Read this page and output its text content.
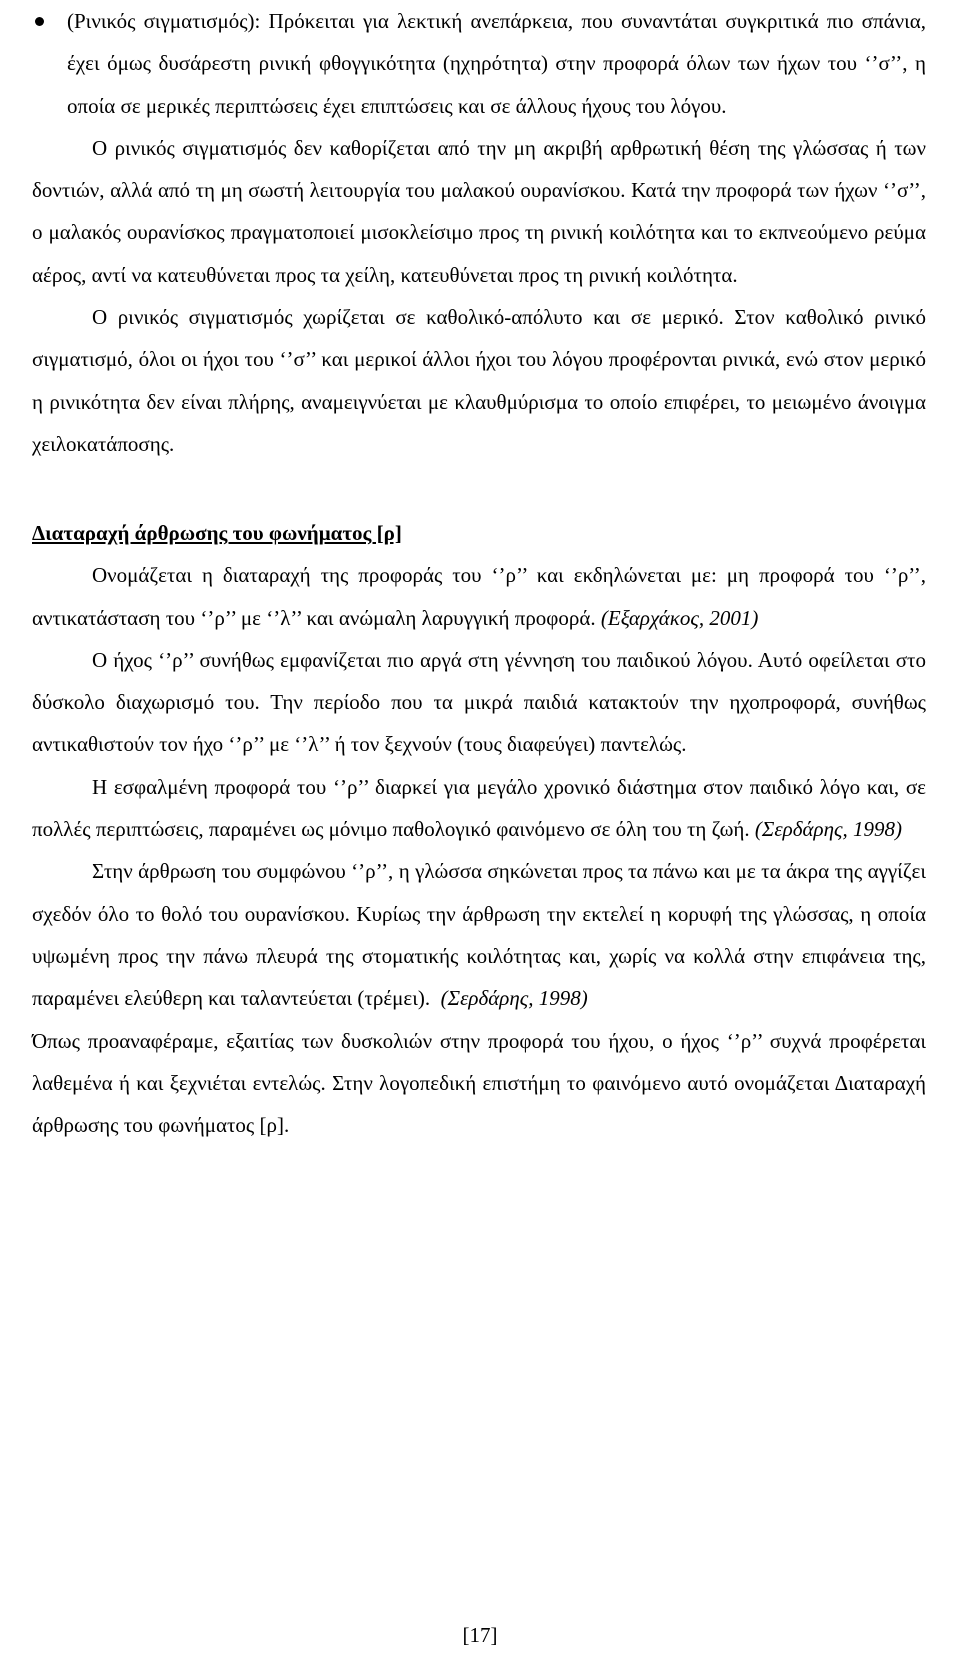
(Ρινικός σιγματισμός): Πρόκειται για λεκτική ανεπάρκεια, που συναντάται συγκριτικά πιο σπάνια, έχει όμως δυσάρεστη ρινική φθογγικότητα (ηχηρότητα) στην προφορά όλων των ήχων του ‘’σ’’, η οποία σε μερικές περιπτώσεις έχει επιπτώσεις και σε άλλους ήχους του λόγου.

Ο ρινικός σιγματισμός δεν καθορίζεται από την μη ακριβή αρθρωτική θέση της γλώσσας ή των δοντιών, αλλά από τη μη σωστή λειτουργία του μαλακού ουρανίσκου. Κατά την προφορά των ήχων ‘’σ’’, ο μαλακός ουρανίσκος πραγματοποιεί μισοκλείσιμο προς τη ρινική κοιλότητα και το εκπνεούμενο ρεύμα αέρος, αντί να κατευθύνεται προς τα χείλη, κατευθύνεται προς τη ρινική κοιλότητα.

Ο ρινικός σιγματισμός χωρίζεται σε καθολικό-απόλυτο και σε μερικό. Στον καθολικό ρινικό σιγματισμό, όλοι οι ήχοι του ‘’σ’’ και μερικοί άλλοι ήχοι του λόγου προφέρονται ρινικά, ενώ στον μερικό η ρινικότητα δεν είναι πλήρης, αναμειγνύεται με κλαυθμύρισμα το οποίο επιφέρει, το μειωμένο άνοιγμα χειλοκατάποσης.

Διαταραχή άρθρωσης του φωνήματος [ρ]

Ονομάζεται η διαταραχή της προφοράς του ‘’ρ’’ και εκδηλώνεται με: μη προφορά του ‘’ρ’’, αντικατάσταση του ‘’ρ’’ με ‘’λ’’ και ανώμαλη λαρυγγική προφορά. (Εξαρχάκος, 2001)

Ο ήχος ‘’ρ’’ συνήθως εμφανίζεται πιο αργά στη γέννηση του παιδικού λόγου. Αυτό οφείλεται στο δύσκολο διαχωρισμό του. Την περίοδο που τα μικρά παιδιά κατακτούν την ηχοπροφορά, συνήθως αντικαθιστούν τον ήχο ‘’ρ’’ με ‘’λ’’ ή τον ξεχνούν (τους διαφεύγει) παντελώς.

Η εσφαλμένη προφορά του ‘’ρ’’ διαρκεί για μεγάλο χρονικό διάστημα στον παιδικό λόγο και, σε πολλές περιπτώσεις, παραμένει ως μόνιμο παθολογικό φαινόμενο σε όλη του τη ζωή. (Σερδάρης, 1998)

Στην άρθρωση του συμφώνου ‘’ρ’’, η γλώσσα σηκώνεται προς τα πάνω και με τα άκρα της αγγίζει σχεδόν όλο το θολό του ουρανίσκου. Κυρίως την άρθρωση την εκτελεί η κορυφή της γλώσσας, η οποία υψωμένη προς την πάνω πλευρά της στοματικής κοιλότητας και, χωρίς να κολλά στην επιφάνεια της, παραμένει ελεύθερη και ταλαντεύεται (τρέμει). (Σερδάρης, 1998)

Όπως προαναφέραμε, εξαιτίας των δυσκολιών στην προφορά του ήχου, ο ήχος ‘’ρ’’ συχνά προφέρεται λαθεμένα ή και ξεχνιέται εντελώς. Στην λογοπεδική επιστήμη το φαινόμενο αυτό ονομάζεται Διαταραχή άρθρωσης του φωνήματος [ρ].

[17]
